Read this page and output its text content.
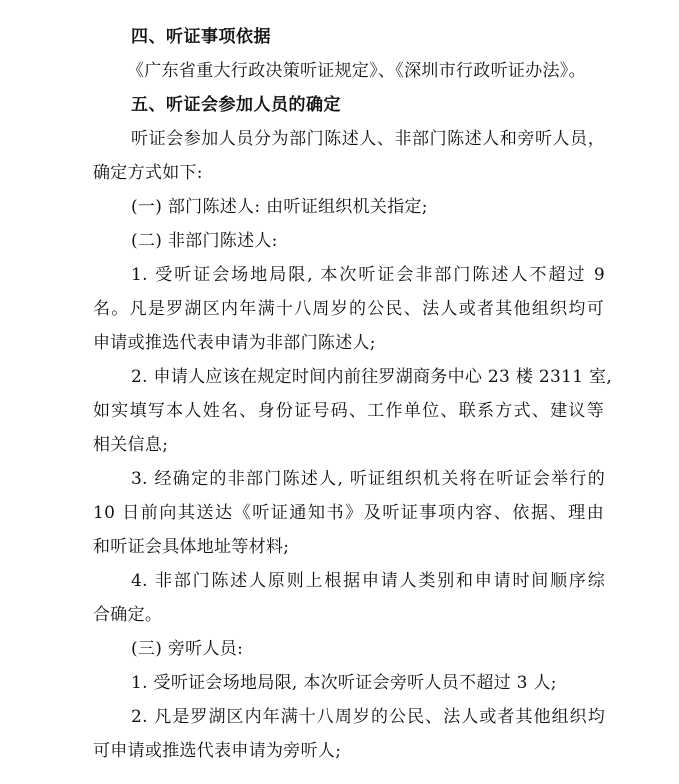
四、听证事项依据
《广东省重大行政决策听证规定》、《深圳市行政听证办法》。
五、听证会参加人员的确定
听证会参加人员分为部门陈述人、非部门陈述人和旁听人员，
确定方式如下:
(一) 部门陈述人: 由听证组织机关指定;
(二) 非部门陈述人:
1. 受听证会场地局限, 本次听证会非部门陈述人不超过 9
名。凡是罗湖区内年满十八周岁的公民、法人或者其他组织均可
申请或推选代表申请为非部门陈述人;
2. 申请人应该在规定时间内前往罗湖商务中心 23 楼 2311 室,
如实填写本人姓名、身份证号码、工作单位、联系方式、建议等
相关信息;
3. 经确定的非部门陈述人, 听证组织机关将在听证会举行的
10 日前向其送达《听证通知书》及听证事项内容、依据、理由
和听证会具体地址等材料;
4. 非部门陈述人原则上根据申请人类别和申请时间顺序综
合确定。
(三) 旁听人员:
1. 受听证会场地局限, 本次听证会旁听人员不超过 3 人;
2. 凡是罗湖区内年满十八周岁的公民、法人或者其他组织均
可申请或推选代表申请为旁听人;
